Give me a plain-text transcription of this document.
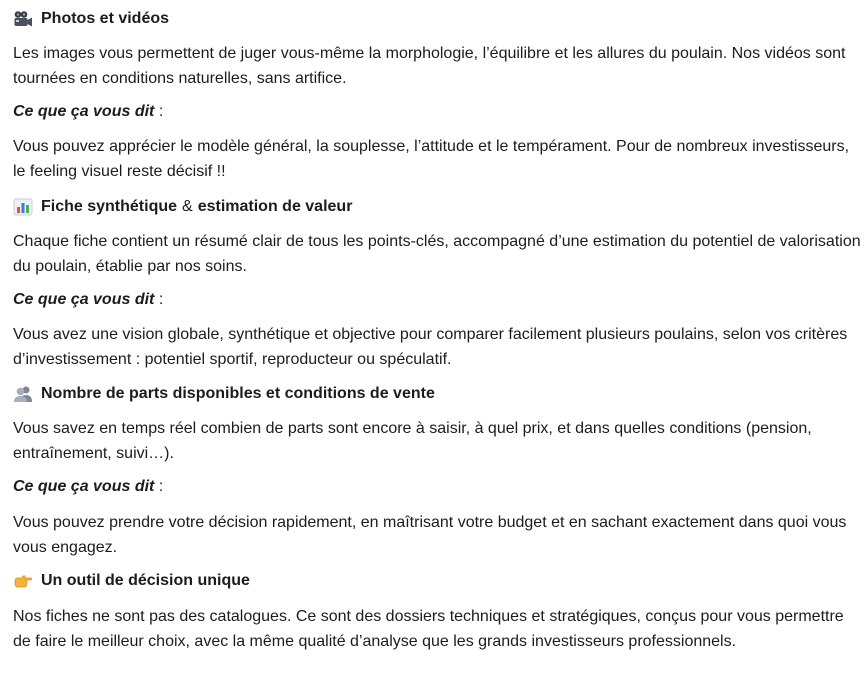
Photos et vidéos
Les images vous permettent de juger vous-même la morphologie, l’équilibre et les allures du poulain. Nos vidéos sont tournées en conditions naturelles, sans artifice.
Ce que ça vous dit :
Vous pouvez apprécier le modèle général, la souplesse, l’attitude et le tempérament. Pour de nombreux investisseurs, le feeling visuel reste décisif !!
Fiche synthétique & estimation de valeur
Chaque fiche contient un résumé clair de tous les points-clés, accompagné d’une estimation du potentiel de valorisation du poulain, établie par nos soins.
Ce que ça vous dit :
Vous avez une vision globale, synthétique et objective pour comparer facilement plusieurs poulains, selon vos critères d’investissement : potentiel sportif, reproducteur ou spéculatif.
Nombre de parts disponibles et conditions de vente
Vous savez en temps réel combien de parts sont encore à saisir, à quel prix, et dans quelles conditions (pension, entraînement, suivi…).
Ce que ça vous dit :
Vous pouvez prendre votre décision rapidement, en maîtrisant votre budget et en sachant exactement dans quoi vous vous engagez.
Un outil de décision unique
Nos fiches ne sont pas des catalogues. Ce sont des dossiers techniques et stratégiques, conçus pour vous permettre de faire le meilleur choix, avec la même qualité d’analyse que les grands investisseurs professionnels.
